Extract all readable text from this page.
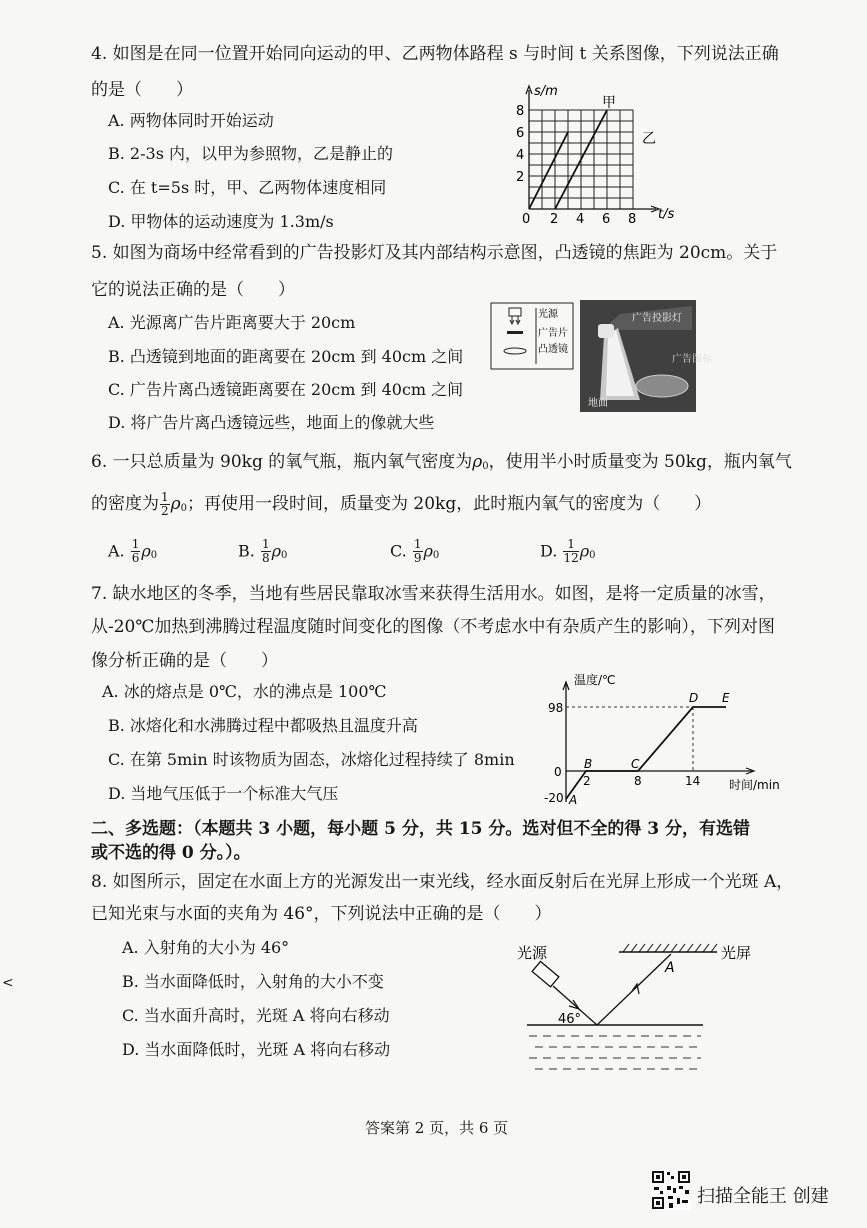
4. 如图是在同一位置开始同向运动的甲、乙两物体路程 s 与时间 t 关系图像，下列说法正确
的是（　　）
A. 两物体同时开始运动
B. 2-3s 内，以甲为参照物，乙是静止的
C. 在 t=5s 时，甲、乙两物体速度相同
D. 甲物体的运动速度为 1.3m/s
s/m
t/s
甲
乙
8
6
4
2
0 2 4 6 8
5. 如图为商场中经常看到的广告投影灯及其内部结构示意图，凸透镜的焦距为 20cm。关于
它的说法正确的是（　　）
A. 光源离广告片距离要大于 20cm
B. 凸透镜到地面的距离要在 20cm 到 40cm 之间
C. 广告片离凸透镜距离要在 20cm 到 40cm 之间
D. 将广告片离凸透镜远些，地面上的像就大些
光源
广告片
凸透镜
广告投影灯
广告图标
地面
6. 一只总质量为 90kg 的氧气瓶，瓶内氧气密度为ρ0，使用半小时质量变为 50kg，瓶内氧气
的密度为 $\frac{1}{2} \rho 0$；再使用一段时间，质量变为 20kg，此时瓶内氧气的密度为（　　）
A. $\frac{1}{6} \rho 0$	B. $\frac{1}{8} \rho 0$	C. $\frac{1}{9} \rho 0$	D. $\frac{1}{12} \rho 0$
7. 缺水地区的冬季，当地有些居民靠取冰雪来获得生活用水。如图，是将一定质量的冰雪，
从-20℃加热到沸腾过程温度随时间变化的图像（不考虑水中有杂质产生的影响），下列对图
像分析正确的是（　　）
A. 冰的熔点是 0℃，水的沸点是 100℃
B. 冰熔化和水沸腾过程中都吸热且温度升高
C. 在第 5min 时该物质为固态，冰熔化过程持续了 8min
D. 当地气压低于一个标准大气压
温度/℃
时间/min
98
0
-20
2	8	14
A
B	C
D E
二、多选题：（本题共 3 小题，每小题 5 分，共 15 分。选对但不全的得 3 分，有选错
或不选的得 0 分。）。
8. 如图所示，固定在水面上方的光源发出一束光线，经水面反射后在光屏上形成一个光斑 A，
已知光束与水面的夹角为 46°，下列说法中正确的是（　　）
A. 入射角的大小为 46°
B. 当水面降低时，入射角的大小不变
C. 当水面升高时，光斑 A 将向右移动
D. 当水面降低时，光斑 A 将向右移动
光源	光屏
A
46°
<
答案第 2 页，共 6 页
扫描全能王 创建
